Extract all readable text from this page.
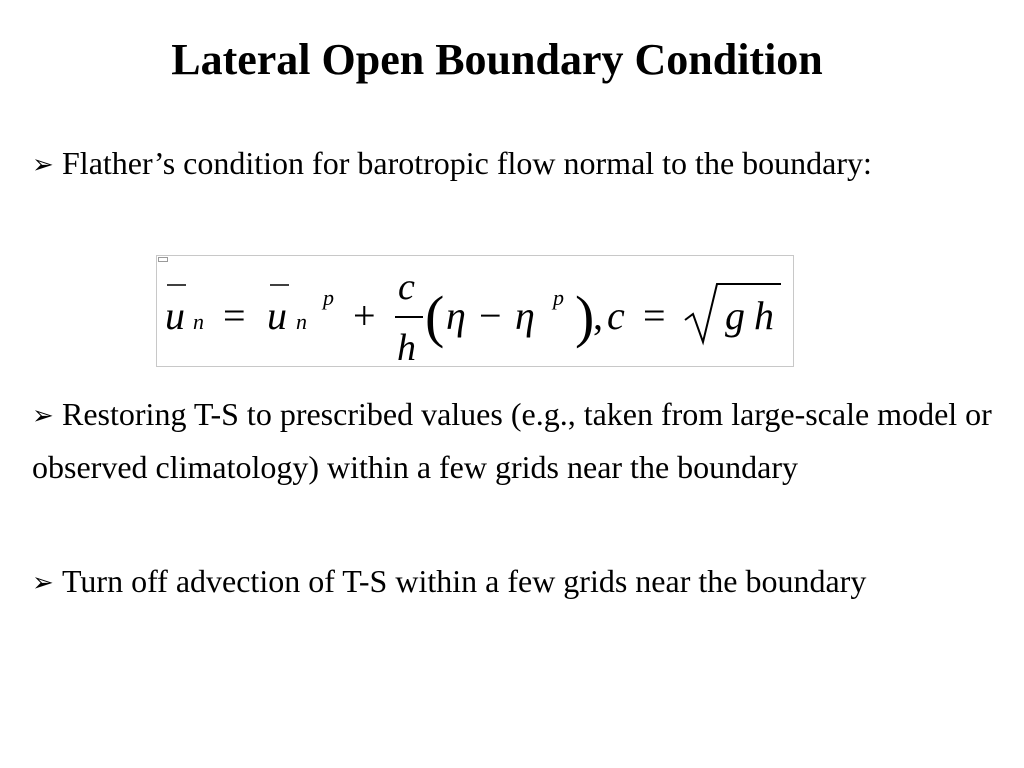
Lateral Open Boundary Condition

➢ Flather’s condition for barotropic flow normal to the boundary:

u n = u n
p +
c
h ( η − η p )
, c = g h

➢ Restoring T-S to prescribed values (e.g., taken from large-scale model or observed climatology) within a few grids near the boundary

➢ Turn off advection of T-S within a few grids near the boundary
